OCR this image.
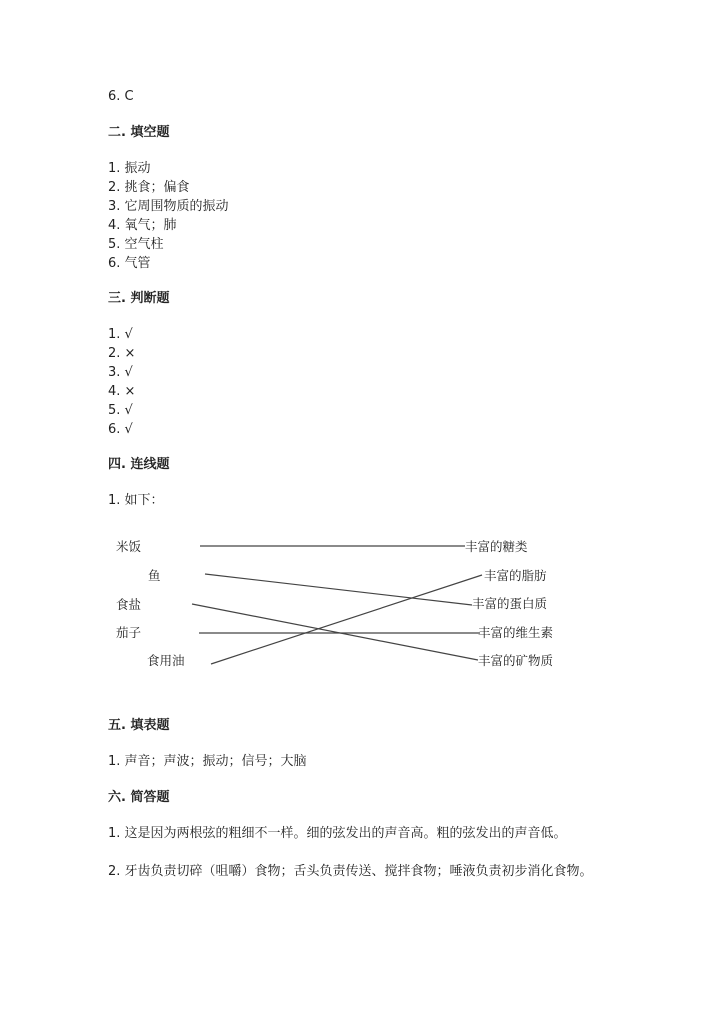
6. C
二. 填空题
1. 振动
2. 挑食；偏食
3. 它周围物质的振动
4. 氧气；肺
5. 空气柱
6. 气管
三. 判断题
1. √
2. ×
3. √
4. ×
5. √
6. √
四. 连线题
1. 如下：
米饭
鱼
食盐
茄子
食用油
丰富的糖类
丰富的脂肪
丰富的蛋白质
丰富的维生素
丰富的矿物质
五. 填表题
1. 声音；声波；振动；信号；大脑
六. 简答题
1. 这是因为两根弦的粗细不一样。细的弦发出的声音高。粗的弦发出的声音低。
2. 牙齿负责切碎（咀嚼）食物；舌头负责传送、搅拌食物；唾液负责初步消化食物。
